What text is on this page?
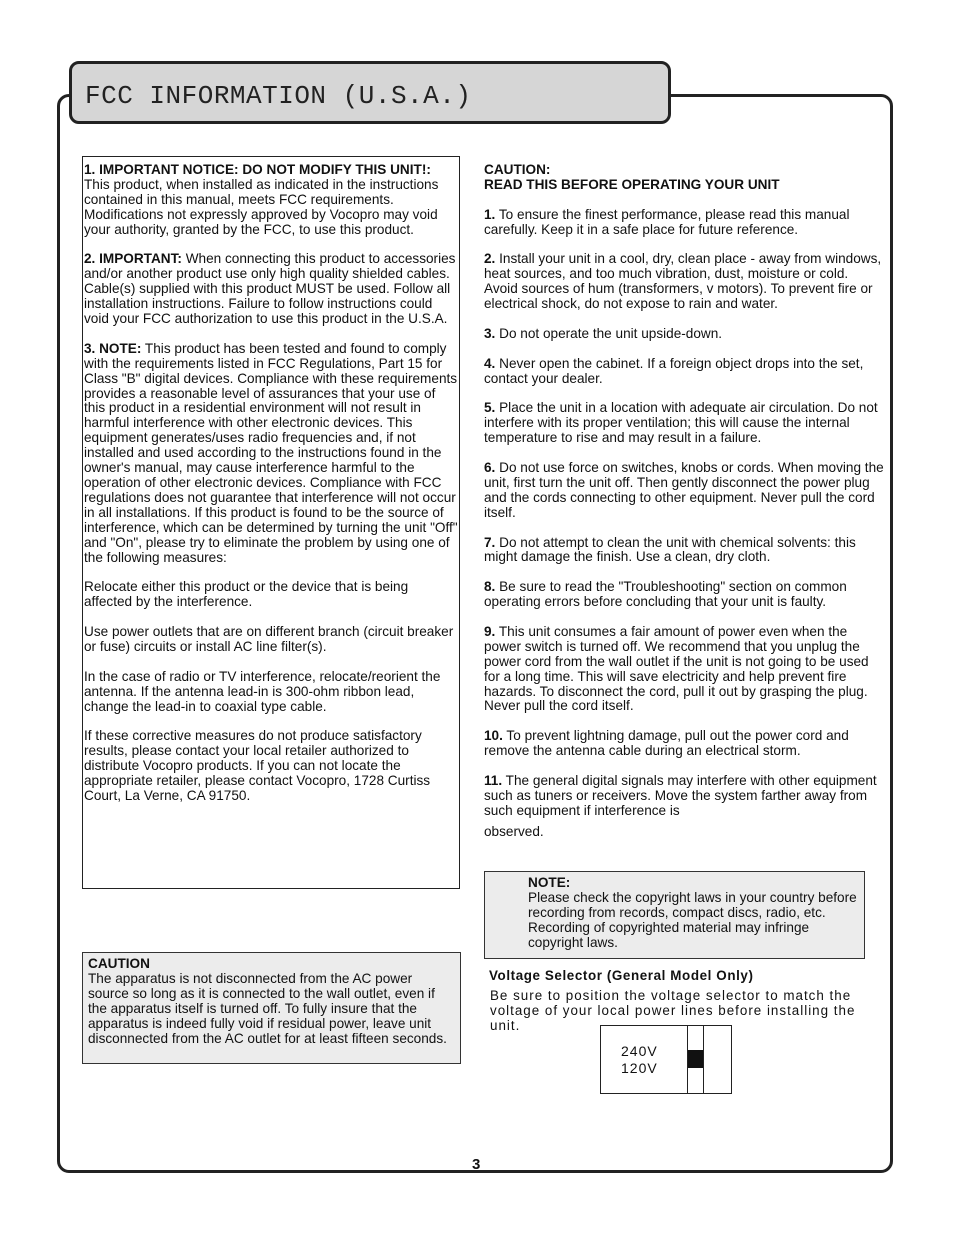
FCC INFORMATION (U.S.A.)

1. IMPORTANT NOTICE: DO NOT MODIFY THIS UNIT!: This product, when installed as indicated in the instructions contained in this manual, meets FCC requirements. Modifications not expressly approved by Vocopro may void your authority, granted by the FCC, to use this product.

2. IMPORTANT: When connecting this product to accessories and/or another product use only high quality shielded cables. Cable(s) supplied with this product MUST be used. Follow all installation instructions. Failure to follow instructions could void your FCC authorization to use this product in the U.S.A.

3. NOTE: This product has been tested and found to comply with the requirements listed in FCC Regulations, Part 15 for Class "B" digital devices. Compliance with these requirements provides a reasonable level of assurances that your use of this product in a residential environment will not result in harmful interference with other electronic devices. This equipment generates/uses radio frequencies and, if not installed and used according to the instructions found in the owner's manual, may cause interference harmful to the operation of other electronic devices. Compliance with FCC regulations does not guarantee that interference will not occur in all installations. If this product is found to be the source of interference, which can be determined by turning the unit "Off" and "On", please try to eliminate the problem by using one of the following measures:

Relocate either this product or the device that is being affected by the interference.

Use power outlets that are on different branch (circuit breaker or fuse) circuits or install AC line filter(s).

In the case of radio or TV interference, relocate/reorient the antenna. If the antenna lead-in is 300-ohm ribbon lead, change the lead-in to coaxial type cable.

If these corrective measures do not produce satisfactory results, please contact your local retailer authorized to distribute Vocopro products. If you can not locate the appropriate retailer, please contact Vocopro, 1728 Curtiss Court, La Verne, CA 91750.

CAUTION:

READ THIS BEFORE OPERATING YOUR UNIT

1. To ensure the finest performance, please read this manual carefully. Keep it in a safe place for future reference.

2. Install your unit in a cool, dry, clean place - away from windows, heat sources, and too much vibration, dust, moisture or cold. Avoid sources of hum (transformers, v motors). To prevent fire or electrical shock, do not expose to rain and water.

3. Do not operate the unit upside-down.

4. Never open the cabinet. If a foreign object drops into the set, contact your dealer.

5. Place the unit in a location with adequate air circulation. Do not interfere with its proper ventilation; this will cause the internal temperature to rise and may result in a failure.

6. Do not use force on switches, knobs or cords. When moving the unit, first turn the unit off. Then gently disconnect the power plug and the cords connecting to other equipment. Never pull the cord itself.

7. Do not attempt to clean the unit with chemical solvents: this might damage the finish. Use a clean, dry cloth.

8. Be sure to read the "Troubleshooting" section on common operating errors before concluding that your unit is faulty.

9. This unit consumes a fair amount of power even when the power switch is turned off. We recommend that you unplug the power cord from the wall outlet if the unit is not going to be used for a long time. This will save electricity and help prevent fire hazards. To disconnect the cord, pull it out by grasping the plug. Never pull the cord itself.

10. To prevent lightning damage, pull out the power cord and remove the antenna cable during an electrical storm.

11. The general digital signals may interfere with other equipment such as tuners or receivers. Move the system farther away from such equipment if interference is

observed.

NOTE:
Please check the copyright laws in your country before recording from records, compact discs, radio, etc. Recording of copyrighted material may infringe copyright laws.
CAUTION
The apparatus is not disconnected from the AC power source so long as it is connected to the wall outlet, even if the apparatus itself is turned off. To fully insure that the apparatus is indeed fully void if residual power, leave unit disconnected from the AC outlet for at least fifteen seconds.
Voltage Selector (General Model Only)
Be sure to position the voltage selector to match the voltage of your local power lines before installing the unit.
240V
120V
3
